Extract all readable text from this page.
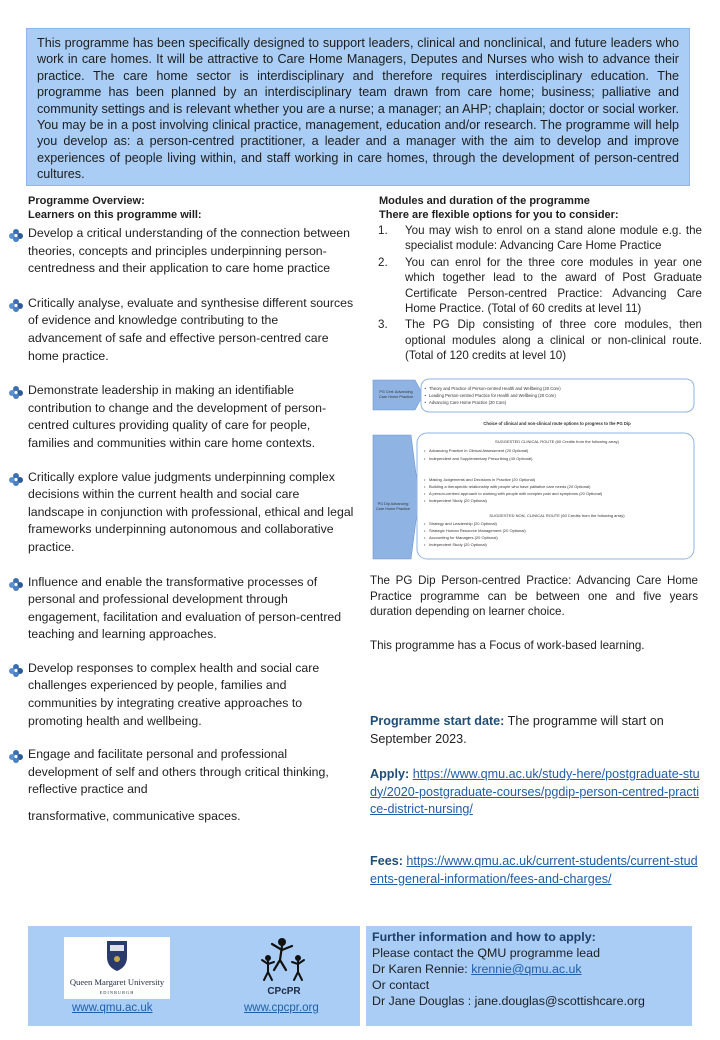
This programme has been specifically designed to support leaders, clinical and nonclinical, and future leaders who work in care homes. It will be attractive to Care Home Managers, Deputes and Nurses who wish to advance their practice. The care home sector is interdisciplinary and therefore requires interdisciplinary education. The programme has been planned by an interdisciplinary team drawn from care home; business; palliative and community settings and is relevant whether you are a nurse; a manager; an AHP; chaplain; doctor or social worker. You may be in a post involving clinical practice, management, education and/or research. The programme will help you develop as: a person-centred practitioner, a leader and a manager with the aim to develop and improve experiences of people living within, and staff working in care homes, through the development of person-centred cultures.

Programme Overview:
Learners on this programme will:
Develop a critical understanding of the connection between theories, concepts and principles underpinning person-centredness and their application to care home practice
Critically analyse, evaluate and synthesise different sources of evidence and knowledge contributing to the advancement of safe and effective person-centred care home practice.
Demonstrate leadership in making an identifiable contribution to change and the development of person-centred cultures providing quality of care for people, families and communities within care home contexts.
Critically explore value judgments underpinning complex decisions within the current health and social care landscape in conjunction with professional, ethical and legal frameworks underpinning autonomous and collaborative practice.
Influence and enable the transformative processes of personal and professional development through engagement, facilitation and evaluation of person-centred teaching and learning approaches.
Develop responses to complex health and social care challenges experienced by people, families and communities by integrating creative approaches to promoting health and wellbeing.
Engage and facilitate personal and professional development of self and others through critical thinking, reflective practice and
transformative, communicative spaces.
Modules and duration of the programme
There are flexible options for you to consider:
1. You may wish to enrol on a stand alone module e.g. the specialist module: Advancing Care Home Practice
2. You can enrol for the three core modules in year one which together lead to the award of Post Graduate Certificate Person-centred Practice: Advancing Care Home Practice. (Total of 60 credits at level 11)
3. The PG Dip consisting of three core modules, then optional modules along a clinical or non-clinical route. (Total of 120 credits at level 10)
PG Cert: Advancing
Care Home Practice
Theory and Practice of Person-centred Health and Wellbeing (20 Core)
Leading Person-centred Practice for Health and Wellbeing (20 Core)
Advancing Care Home Practice (20 Core)
•
•
•
Choice of clinical and non-clinical route options to progress to the PG Dip
PG Dip Advancing
Care Home Practice
SUGGESTED CLINICAL ROUTE (60 Credits from the following array)
Advancing Practice in Clinical Assessment (20 Optional)
Independent and Supplementary Prescribing (40 Optional)
•
•
Making Judgements and Decisions in Practice (20 Optional)
Building a therapeutic relationship with people who have palliative care needs (20 Optional)
A person-centred approach to working with people with complex pain and symptoms (20 Optional)
Independent Study (20 Optional)
•
•
•
•
SUGGESTED NON- CLINICAL ROUTE (60 Credits from the following array)
Strategy and Leadership (20 Optional)
Strategic Human Resource Management (20 Optional)
Accounting for Managers (20 Optional)
Independent Study (20 Optional)
•
•
•
•

The PG Dip Person-centred Practice: Advancing Care Home Practice programme can be between one and five years duration depending on learner choice.

This programme has a Focus of work-based learning.

Programme start date: The programme will start on September 2023.

Apply: https://www.qmu.ac.uk/study-here/postgraduate-study/2020-postgraduate-courses/pgdip-person-centred-practice-district-nursing/

Fees: https://www.qmu.ac.uk/current-students/current-students-general-information/fees-and-charges/

Queen Margaret University
EDINBURGH
www.qmu.ac.uk
CPcPR
www.cpcpr.org
Further information and how to apply:
Please contact the QMU programme lead
Dr Karen Rennie: krennie@qmu.ac.uk
Or contact
Dr Jane Douglas : jane.douglas@scottishcare.org
